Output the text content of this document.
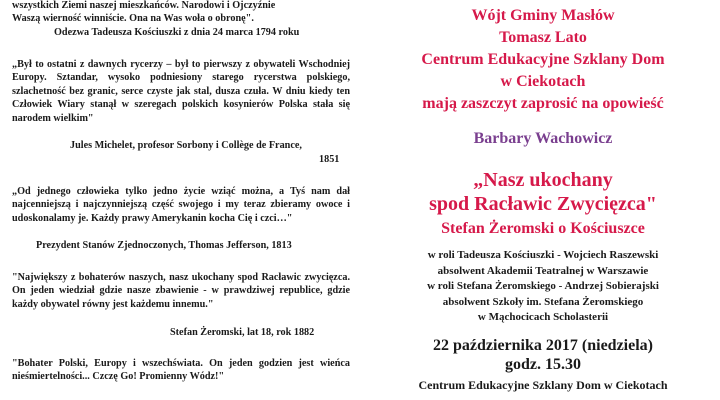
wszystkich Ziemi naszej mieszkańców. Narodowi i Ojczyźnie

Waszą wierność winniście. Ona na Was woła o obronę".

Odezwa Tadeusza Kościuszki z dnia 24 marca 1794 roku

„Był to ostatni z dawnych rycerzy – był to pierwszy z obywateli Wschodniej Europy. Sztandar, wysoko podniesiony starego rycerstwa polskiego, szlachetność bez granic, serce czyste jak stal, dusza czuła. W dniu kiedy ten Człowiek Wiary stanął w szeregach polskich kosynierów Polska stała się narodem wielkim"

Jules Michelet, profesor Sorbony i Collège de France,

1851

„Od jednego człowieka tylko jedno życie wziąć można, a Tyś nam dał najcenniejszą i najczynniejszą część swojego i my teraz zbieramy owoce i udoskonalamy je. Każdy prawy Amerykanin kocha Cię i czci…"

Prezydent Stanów Zjednoczonych, Thomas Jefferson, 1813

"Największy z bohaterów naszych, nasz ukochany spod Racławic zwycięzca. On jeden wiedział gdzie nasze zbawienie - w prawdziwej republice, gdzie każdy obywatel równy jest każdemu innemu."

Stefan Żeromski, lat 18, rok 1882

"Bohater Polski, Europy i wszechświata. On jeden godzien jest wieńca nieśmiertelności... Czczę Go! Promienny Wódz!"

Wójt Gminy Masłów

Tomasz Lato

Centrum Edukacyjne Szklany Dom

w Ciekotach

mają zaszczyt zaprosić na opowieść

Barbary Wachowicz

„Nasz ukochany

spod Racławic Zwycięzca"

Stefan Żeromski o Kościuszce

w roli Tadeusza Kościuszki - Wojciech Raszewski

absolwent Akademii Teatralnej w Warszawie

w roli Stefana Żeromskiego - Andrzej Sobierajski

absolwent Szkoły im. Stefana Żeromskiego

w Mąchocicach Scholasterii

22 października 2017 (niedziela)

godz. 15.30

Centrum Edukacyjne Szklany Dom w Ciekotach
